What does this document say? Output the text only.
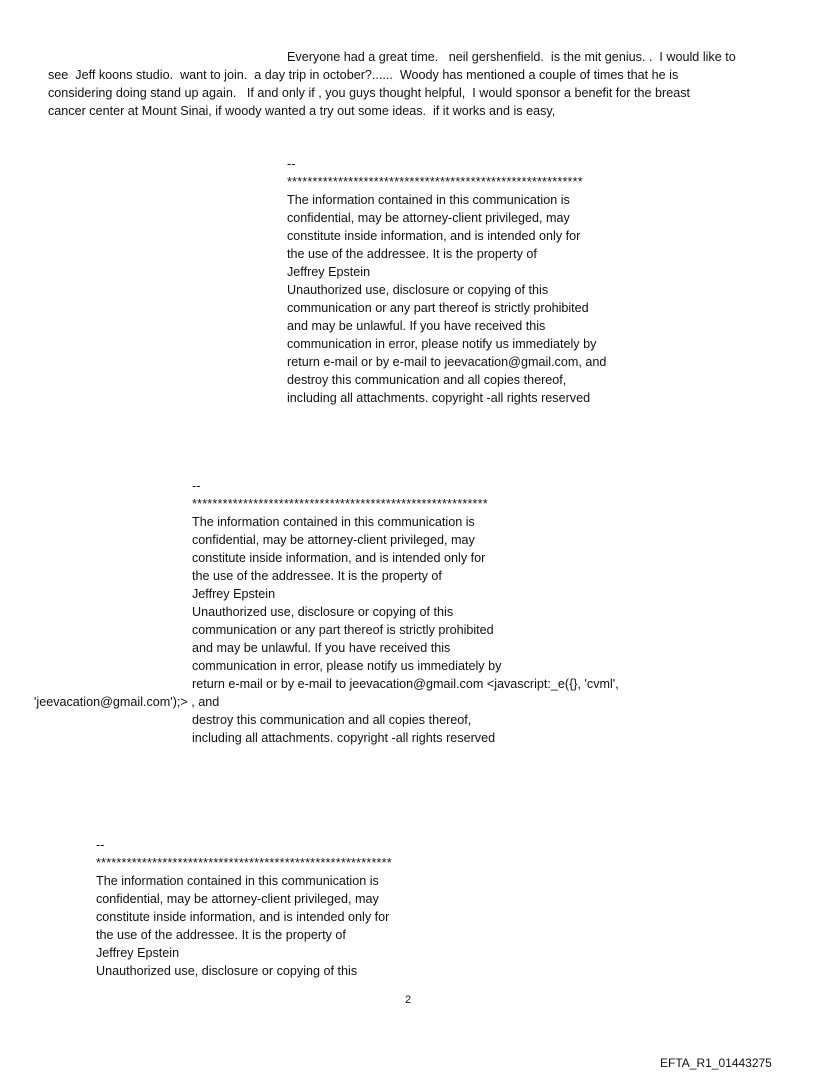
Everyone had a great time.   neil gershenfield.  is the mit genius. .  I would like to
see  Jeff koons studio.  want to join.  a day trip in october?......  Woody has mentioned a couple of times that he is
considering doing stand up again.   If and only if , you guys thought helpful,  I would sponsor a benefit for the breast
cancer center at Mount Sinai, if woody wanted a try out some ideas.  if it works and is easy,
--
**********************************************************
The information contained in this communication is
confidential, may be attorney-client privileged, may
constitute inside information, and is intended only for
the use of the addressee. It is the property of
Jeffrey Epstein
Unauthorized use, disclosure or copying of this
communication or any part thereof is strictly prohibited
and may be unlawful. If you have received this
communication in error, please notify us immediately by
return e-mail or by e-mail to jeevacation@gmail.com, and
destroy this communication and all copies thereof,
including all attachments. copyright -all rights reserved
--
**********************************************************
The information contained in this communication is
confidential, may be attorney-client privileged, may
constitute inside information, and is intended only for
the use of the addressee. It is the property of
Jeffrey Epstein
Unauthorized use, disclosure or copying of this
communication or any part thereof is strictly prohibited
and may be unlawful. If you have received this
communication in error, please notify us immediately by
return e-mail or by e-mail to jeevacation@gmail.com <javascript:_e({}, 'cvml',
'jeevacation@gmail.com');> , and
destroy this communication and all copies thereof,
including all attachments. copyright -all rights reserved
--
**********************************************************
The information contained in this communication is
confidential, may be attorney-client privileged, may
constitute inside information, and is intended only for
the use of the addressee. It is the property of
Jeffrey Epstein
Unauthorized use, disclosure or copying of this
2
EFTA_R1_01443275
